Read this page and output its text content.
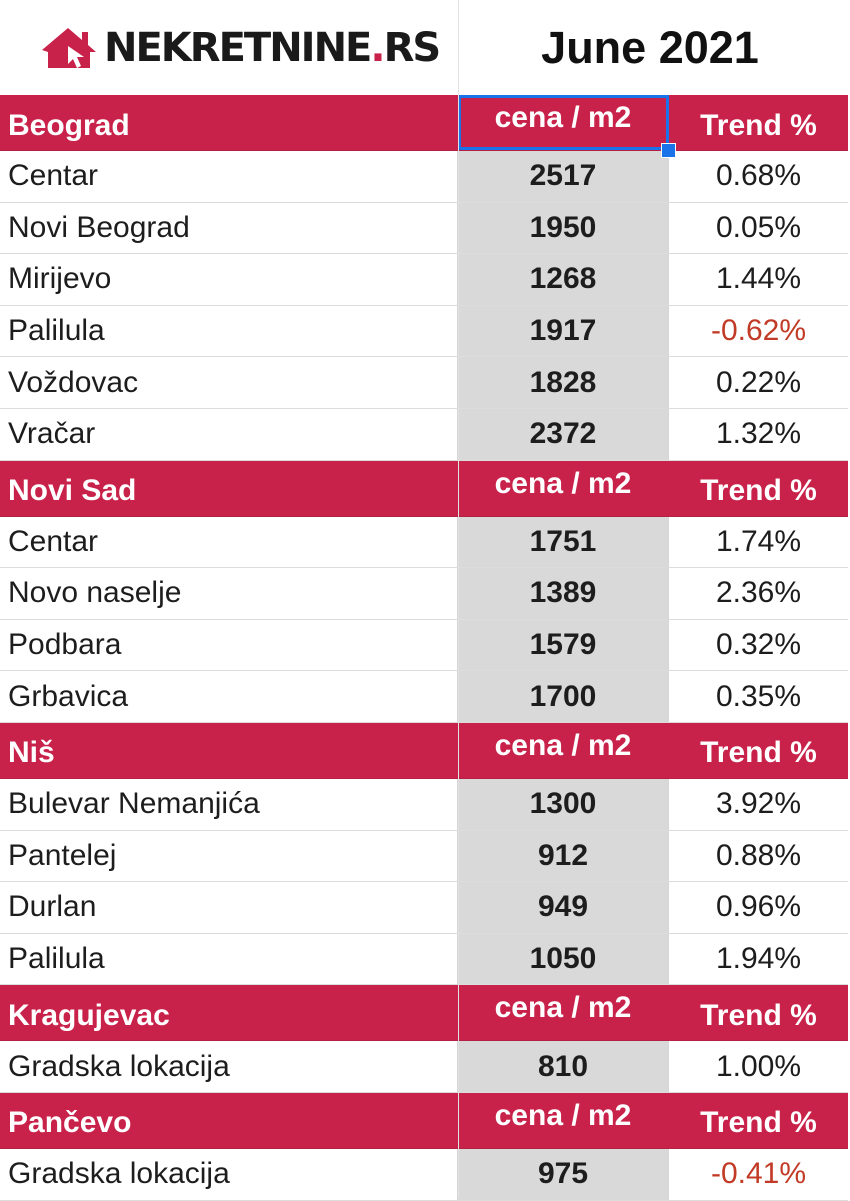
NEKRETNINE.RS	June 2021
Beograd	cena / m2	Trend %
Centar	2517	0.68%
Novi Beograd	1950	0.05%
Mirijevo	1268	1.44%
Palilula	1917	-0.62%
Voždovac	1828	0.22%
Vračar	2372	1.32%
Novi Sad	cena / m2	Trend %
Centar	1751	1.74%
Novo naselje	1389	2.36%
Podbara	1579	0.32%
Grbavica	1700	0.35%
Niš	cena / m2	Trend %
Bulevar Nemanjića	1300	3.92%
Pantelej	912	0.88%
Durlan	949	0.96%
Palilula	1050	1.94%
Kragujevac	cena / m2	Trend %
Gradska lokacija	810	1.00%
Pančevo	cena / m2	Trend %
Gradska lokacija	975	-0.41%
